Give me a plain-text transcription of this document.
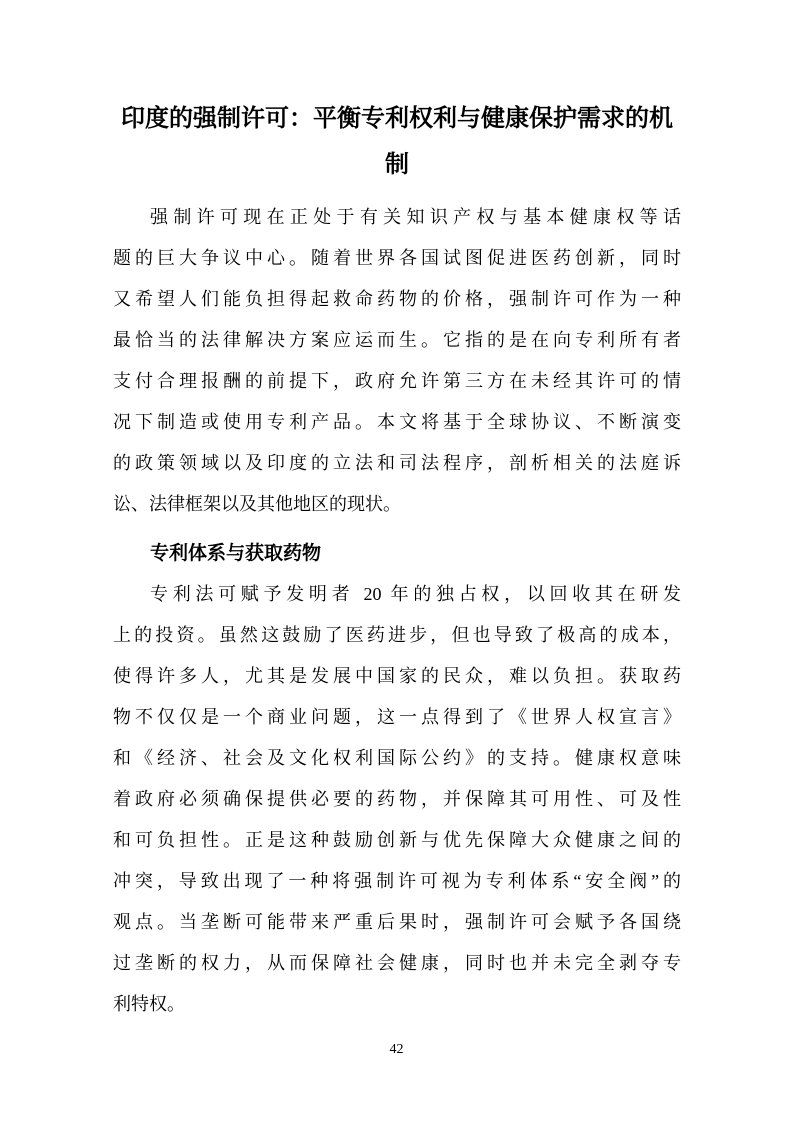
印度的强制许可：平衡专利权利与健康保护需求的机制
强制许可现在正处于有关知识产权与基本健康权等话
题的巨大争议中心。随着世界各国试图促进医药创新，同时
又希望人们能负担得起救命药物的价格，强制许可作为一种
最恰当的法律解决方案应运而生。它指的是在向专利所有者
支付合理报酬的前提下，政府允许第三方在未经其许可的情
况下制造或使用专利产品。本文将基于全球协议、不断演变
的政策领域以及印度的立法和司法程序，剖析相关的法庭诉
讼、法律框架以及其他地区的现状。
专利体系与获取药物
专利法可赋予发明者 20 年的独占权，以回收其在研发
上的投资。虽然这鼓励了医药进步，但也导致了极高的成本，
使得许多人，尤其是发展中国家的民众，难以负担。获取药
物不仅仅是一个商业问题，这一点得到了《世界人权宣言》
和《经济、社会及文化权利国际公约》的支持。健康权意味
着政府必须确保提供必要的药物，并保障其可用性、可及性
和可负担性。正是这种鼓励创新与优先保障大众健康之间的
冲突，导致出现了一种将强制许可视为专利体系“安全阀”的
观点。当垄断可能带来严重后果时，强制许可会赋予各国绕
过垄断的权力，从而保障社会健康，同时也并未完全剥夺专
利特权。
42
